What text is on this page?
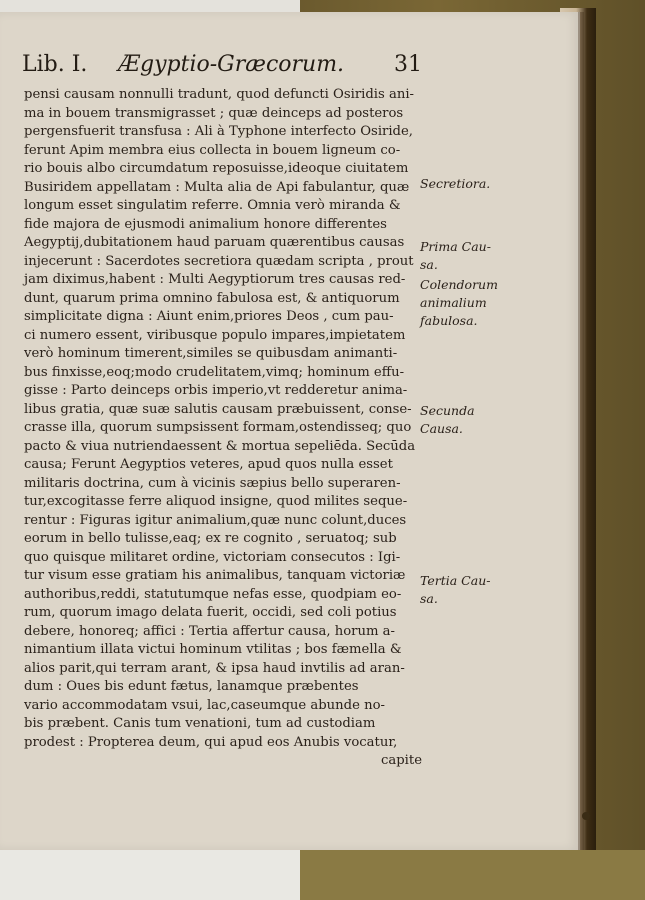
Lib. I. Ægyptio-Græcorum. 31
pensi causam nonnulli tradunt, quod defuncti Osiridis ani-
ma in bouem transmigrasset ; quæ deinceps ad posteros
pergensfuerit transfusa : Ali à Typhone interfecto Osiride,
ferunt Apim membra eius collecta in bouem ligneum co-
rio bouis albo circumdatum reposuisse,ideoque ciuitatem
Busiridem appellatam : Multa alia de Api fabulantur, quæ
longum esset singulatim referre. Omnia verò miranda &
fide majora de ejusmodi animalium honore differentes
Aegyptij,dubitationem haud paruam quærentibus causas
injecerunt : Sacerdotes secretiora quædam scripta , prout
jam diximus,habent : Multi Aegyptiorum tres causas red-
dunt, quarum prima omnino fabulosa est, & antiquorum
simplicitate digna : Aiunt enim,priores Deos , cum pau-
ci numero essent, viribusque populo impares,impietatem
verò hominum timerent,similes se quibusdam animanti-
bus finxisse,eoq;modo crudelitatem,vimq; hominum effu-
gisse : Parto deinceps orbis imperio,vt redderetur anima-
libus gratia, quæ suæ salutis causam præbuissent, conse-
crasse illa, quorum sumpsissent formam,ostendisseq; quo
pacto & viua nutriendaessent & mortua sepeliēda. Secūda
causa; Ferunt Aegyptios veteres, apud quos nulla esset
militaris doctrina, cum à vicinis sæpius bello superaren-
tur,excogitasse ferre aliquod insigne, quod milites seque-
rentur : Figuras igitur animalium,quæ nunc colunt,duces
eorum in bello tulisse,eaq; ex re cognito , seruatoq; sub
quo quisque militaret ordine, victoriam consecutos : Igi-
tur visum esse gratiam his animalibus, tanquam victoriæ
authoribus,reddi, statutumque nefas esse, quodpiam eo-
rum, quorum imago delata fuerit, occidi, sed coli potius
debere, honoreq; affici : Tertia affertur causa, horum a-
nimantium illata victui hominum vtilitas ; bos fæmella &
alios parit,qui terram arant, & ipsa haud invtilis ad aran-
dum : Oues bis edunt fætus, lanamque præbentes
vario accommodatam vsui, lac,caseumque abunde no-
bis præbent. Canis tum venationi, tum ad custodiam
prodest : Propterea deum, qui apud eos Anubis vocatur,
capite
Secretiora.
Prima Cau-
sa.
Colendorum
animalium
fabulosa.
Secunda
Causa.
Tertia Cau-
sa.
